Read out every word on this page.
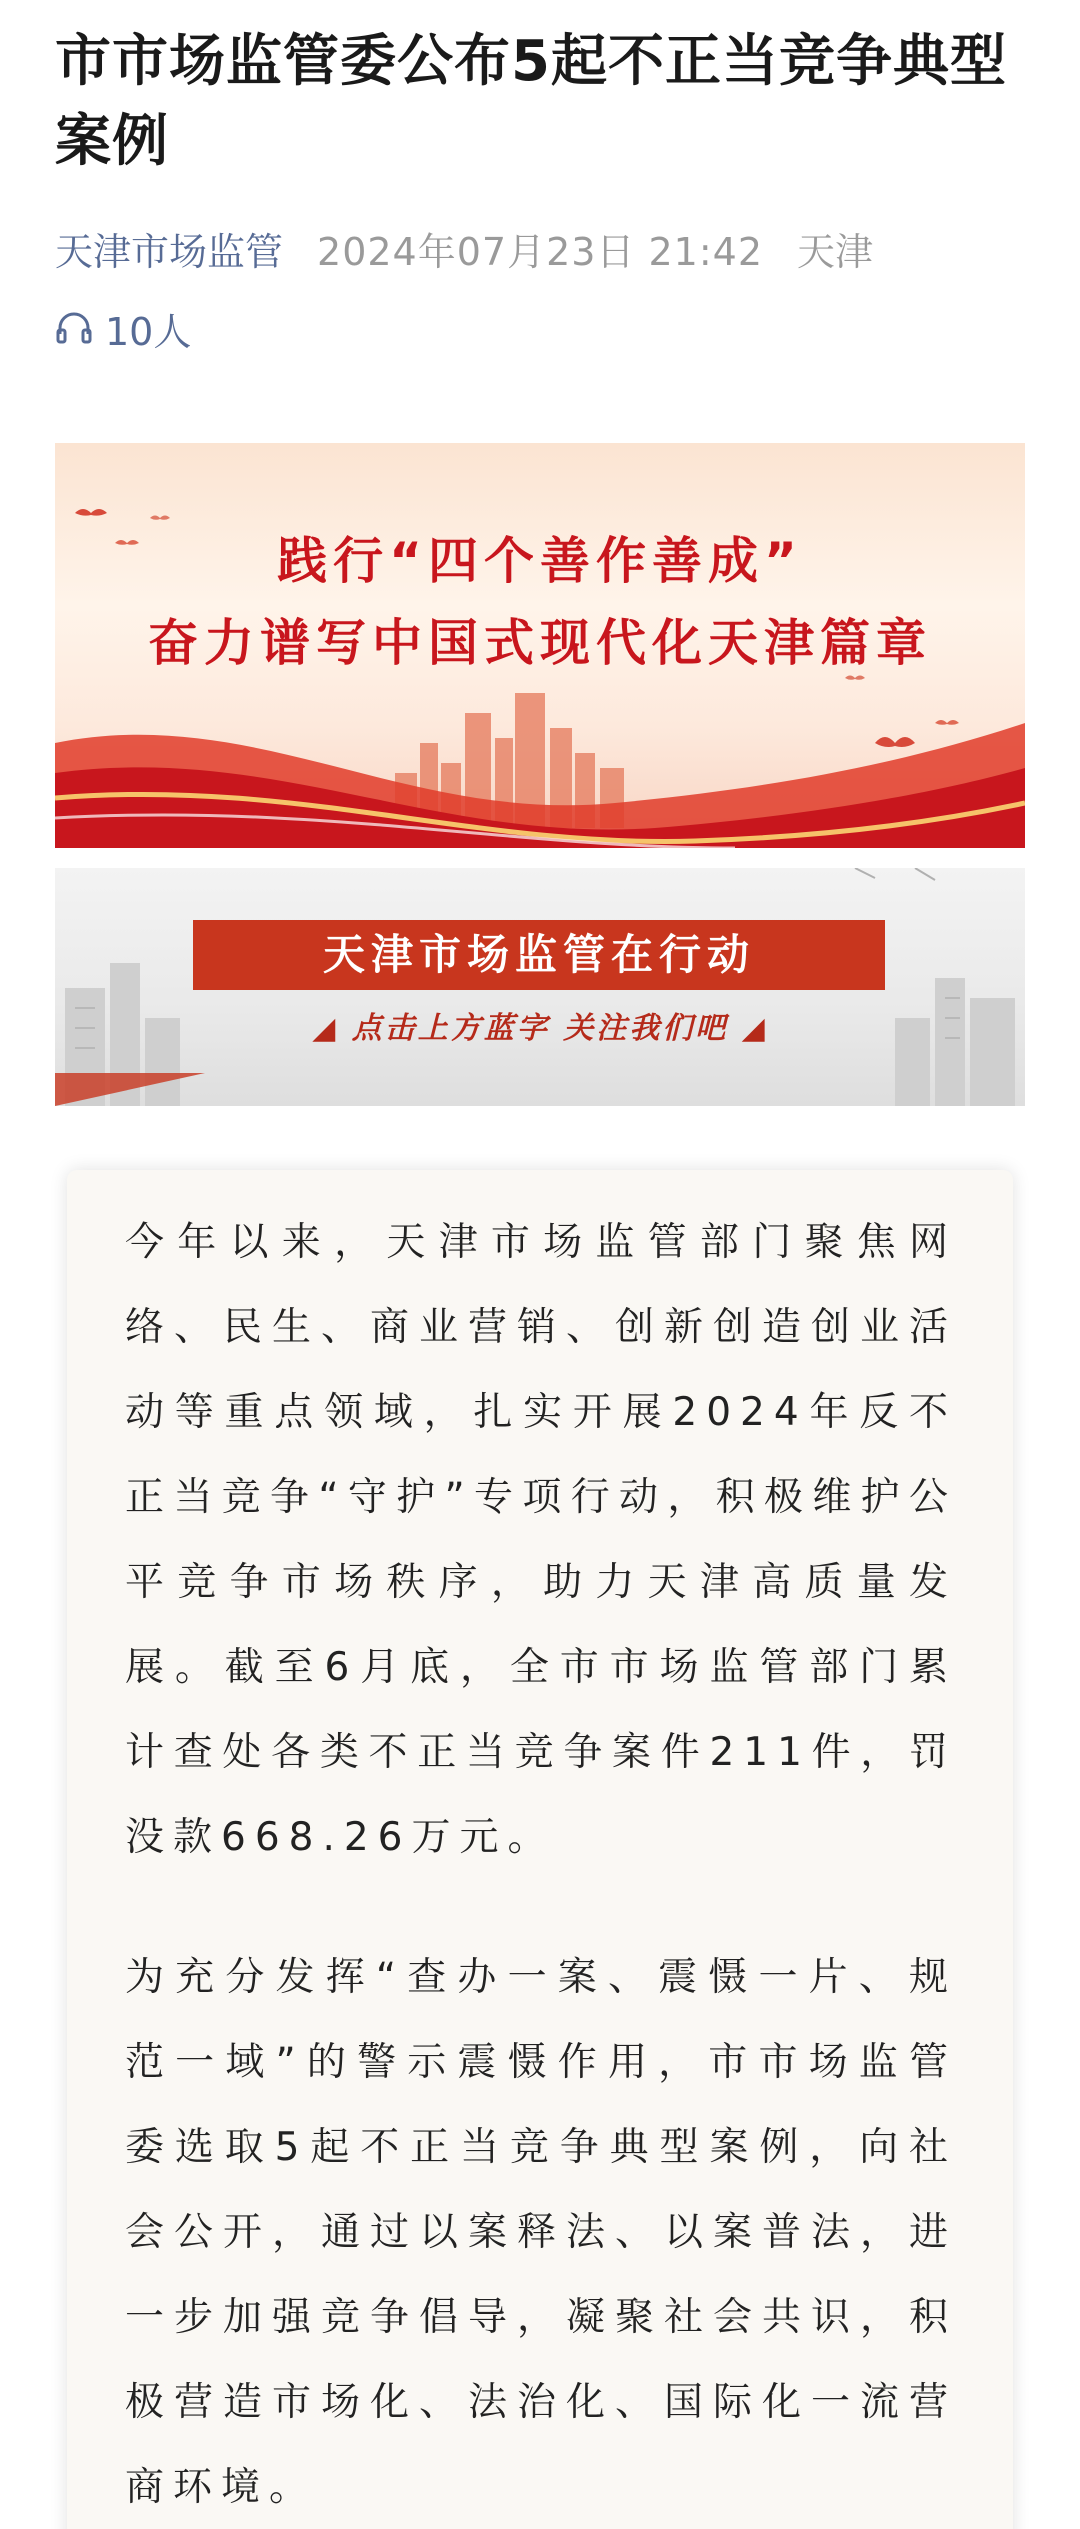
市市场监管委公布5起不正当竞争典型案例
天津市场监管 2024年07月23日 21:42 天津
10人
践行“四个善作善成”
奋力谱写中国式现代化天津篇章
天津市场监管在行动
◢ 点击上方蓝字 关注我们吧 ◢
今年以来，天津市场监管部门聚焦网络、民生、商业营销、创新创造创业活动等重点领域，扎实开展2024年反不正当竞争“守护”专项行动，积极维护公平竞争市场秩序，助力天津高质量发展。截至6月底，全市市场监管部门累计查处各类不正当竞争案件211件，罚没款668.26万元。
为充分发挥“查办一案、震慑一片、规范一域”的警示震慑作用，市市场监管委选取5起不正当竞争典型案例，向社会公开，通过以案释法、以案普法，进一步加强竞争倡导，凝聚社会共识，积极营造市场化、法治化、国际化一流营商环境。
